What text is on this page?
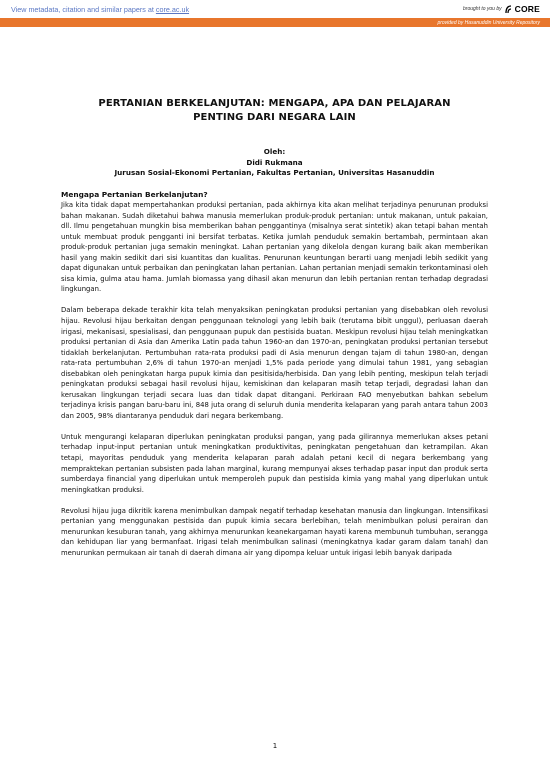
View metadata, citation and similar papers at core.ac.uk	brought to you by CORE
provided by Hasanuddin University Repository
PERTANIAN BERKELANJUTAN: MENGAPA, APA DAN PELAJARAN PENTING DARI NEGARA LAIN
Oleh:
Didi Rukmana
Jurusan Sosial-Ekonomi Pertanian, Fakultas Pertanian, Universitas Hasanuddin
Mengapa Pertanian Berkelanjutan?

Jika kita tidak dapat mempertahankan produksi pertanian, pada akhirnya kita akan melihat terjadinya penurunan produksi bahan makanan. Sudah diketahui bahwa manusia memerlukan produk-produk pertanian: untuk makanan, untuk pakaian, dll. Ilmu pengetahuan mungkin bisa memberikan bahan penggantinya (misalnya serat sintetik) akan tetapi bahan mentah untuk membuat produk pengganti ini bersifat terbatas. Ketika jumlah penduduk semakin bertambah, permintaan akan produk-produk pertanian juga semakin meningkat. Lahan pertanian yang dikelola dengan kurang baik akan memberikan hasil yang makin sedikit dari sisi kuantitas dan kualitas. Penurunan keuntungan berarti uang menjadi lebih sedikit yang dapat digunakan untuk perbaikan dan peningkatan lahan pertanian. Lahan pertanian menjadi semakin terkontaminasi oleh sisa kimia, gulma atau hama. Jumlah biomassa yang dihasil akan menurun dan lebih pertanian rentan terhadap degradasi lingkungan.

Dalam beberapa dekade terakhir kita telah menyaksikan peningkatan produksi pertanian yang disebabkan oleh revolusi hijau. Revolusi hijau berkaitan dengan penggunaan teknologi yang lebih baik (terutama bibit unggul), perluasan daerah irigasi, mekanisasi, spesialisasi, dan penggunaan pupuk dan pestisida buatan. Meskipun revolusi hijau telah meningkatkan produksi pertanian di Asia dan Amerika Latin pada tahun 1960-an dan 1970-an, peningkatan produksi pertanian tersebut tidaklah berkelanjutan. Pertumbuhan rata-rata produksi padi di Asia menurun dengan tajam di tahun 1980-an, dengan rata-rata pertumbuhan 2,6% di tahun 1970-an menjadi 1,5% pada periode yang dimulai tahun 1981, yang sebagian disebabkan oleh peningkatan harga pupuk kimia dan pesitisida/herbisida. Dan yang lebih penting, meskipun telah terjadi peningkatan produksi sebagai hasil revolusi hijau, kemiskinan dan kelaparan masih tetap terjadi, degradasi lahan dan kerusakan lingkungan terjadi secara luas dan tidak dapat ditangani. Perkiraan FAO menyebutkan bahkan sebelum terjadinya krisis pangan baru-baru ini, 848 juta orang di seluruh dunia menderita kelaparan yang parah antara tahun 2003 dan 2005, 98% diantaranya penduduk dari negara berkembang.

Untuk mengurangi kelaparan diperlukan peningkatan produksi pangan, yang pada gilirannya memerlukan akses petani terhadap input-input pertanian untuk meningkatkan produktivitas, peningkatan pengetahuan dan ketrampilan. Akan tetapi, mayoritas penduduk yang menderita kelaparan parah adalah petani kecil di negara berkembang yang mempraktekan pertanian subsisten pada lahan marginal, kurang mempunyai akses terhadap pasar input dan produk serta sumberdaya financial yang diperlukan untuk memperoleh pupuk dan pestisida kimia yang mahal yang diperlukan untuk meningkatkan produksi.

Revolusi hijau juga dikritik karena menimbulkan dampak negatif terhadap kesehatan manusia dan lingkungan. Intensifikasi pertanian yang menggunakan pestisida dan pupuk kimia secara berlebihan, telah menimbulkan polusi perairan dan menurunkan kesuburan tanah, yang akhirnya menurunkan keanekargaman hayati karena membunuh tumbuhan, serangga dan kehidupan liar yang bermanfaat. Irigasi telah menimbulkan salinasi (meningkatnya kadar garam dalam tanah) dan menurunkan permukaan air tanah di daerah dimana air yang dipompa keluar untuk irigasi lebih banyak daripada

1
